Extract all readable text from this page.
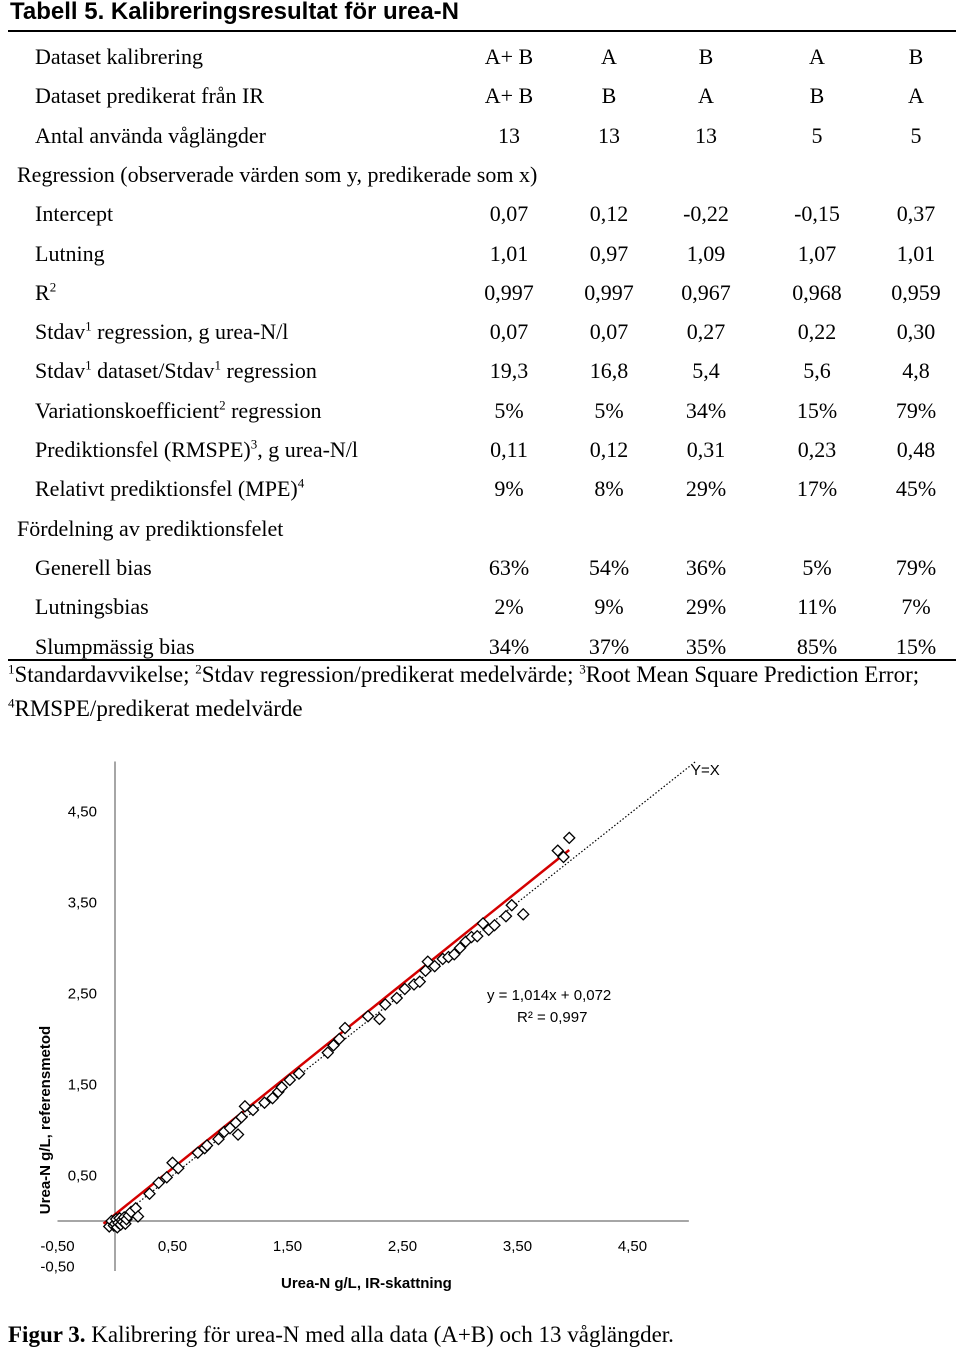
Tabell 5. Kalibreringsresultat för urea-N
Dataset kalibrering	A+ B	A	B	A	B
Dataset predikerat från IR	A+ B	B	A	B	A
Antal använda våglängder	13	13	13	5	5
Regression (observerade värden som y, predikerade som x)
Intercept	0,07	0,12	-0,22	-0,15	0,37
Lutning	1,01	0,97	1,09	1,07	1,01
$R^2$	0,997	0,997	0,967	0,968	0,959
Stdav$^1$ regression, g urea-N/l	0,07	0,07	0,27	0,22	0,30
Stdav$^1$ dataset/Stdav$^1$ regression	19,3	16,8	5,4	5,6	4,8
Variationskoefficient$^2$ regression	5%	5%	34%	15%	79%
Prediktionsfel (RMSPE)$^3$, g urea-N/l	0,11	0,12	0,31	0,23	0,48
Relativt prediktionsfel (MPE)$^4$	9%	8%	29%	17%	45%
Fördelning av prediktionsfelet
Generell bias	63%	54%	36%	5%	79%
Lutningsbias	2%	9%	29%	11%	7%
Slumpmässig bias	34%	37%	35%	85%	15%
$^1$Standardavvikelse; $^2$Stdav regression/predikerat medelvärde; $^3$Root Mean Square Prediction Error; $^4$RMSPE/predikerat medelvärde
-0,50	0,50	1,50	2,50	3,50	4,50
-0,50
0,50
1,50
2,50
3,50
4,50
Y=X
y = 1,014x + 0,072
R² = 0,997
Urea-N g/L, IR-skattning
Urea-N g/L, referensmetod
Figur 3. Kalibrering för urea-N med alla data (A+B) och 13 våglängder.
